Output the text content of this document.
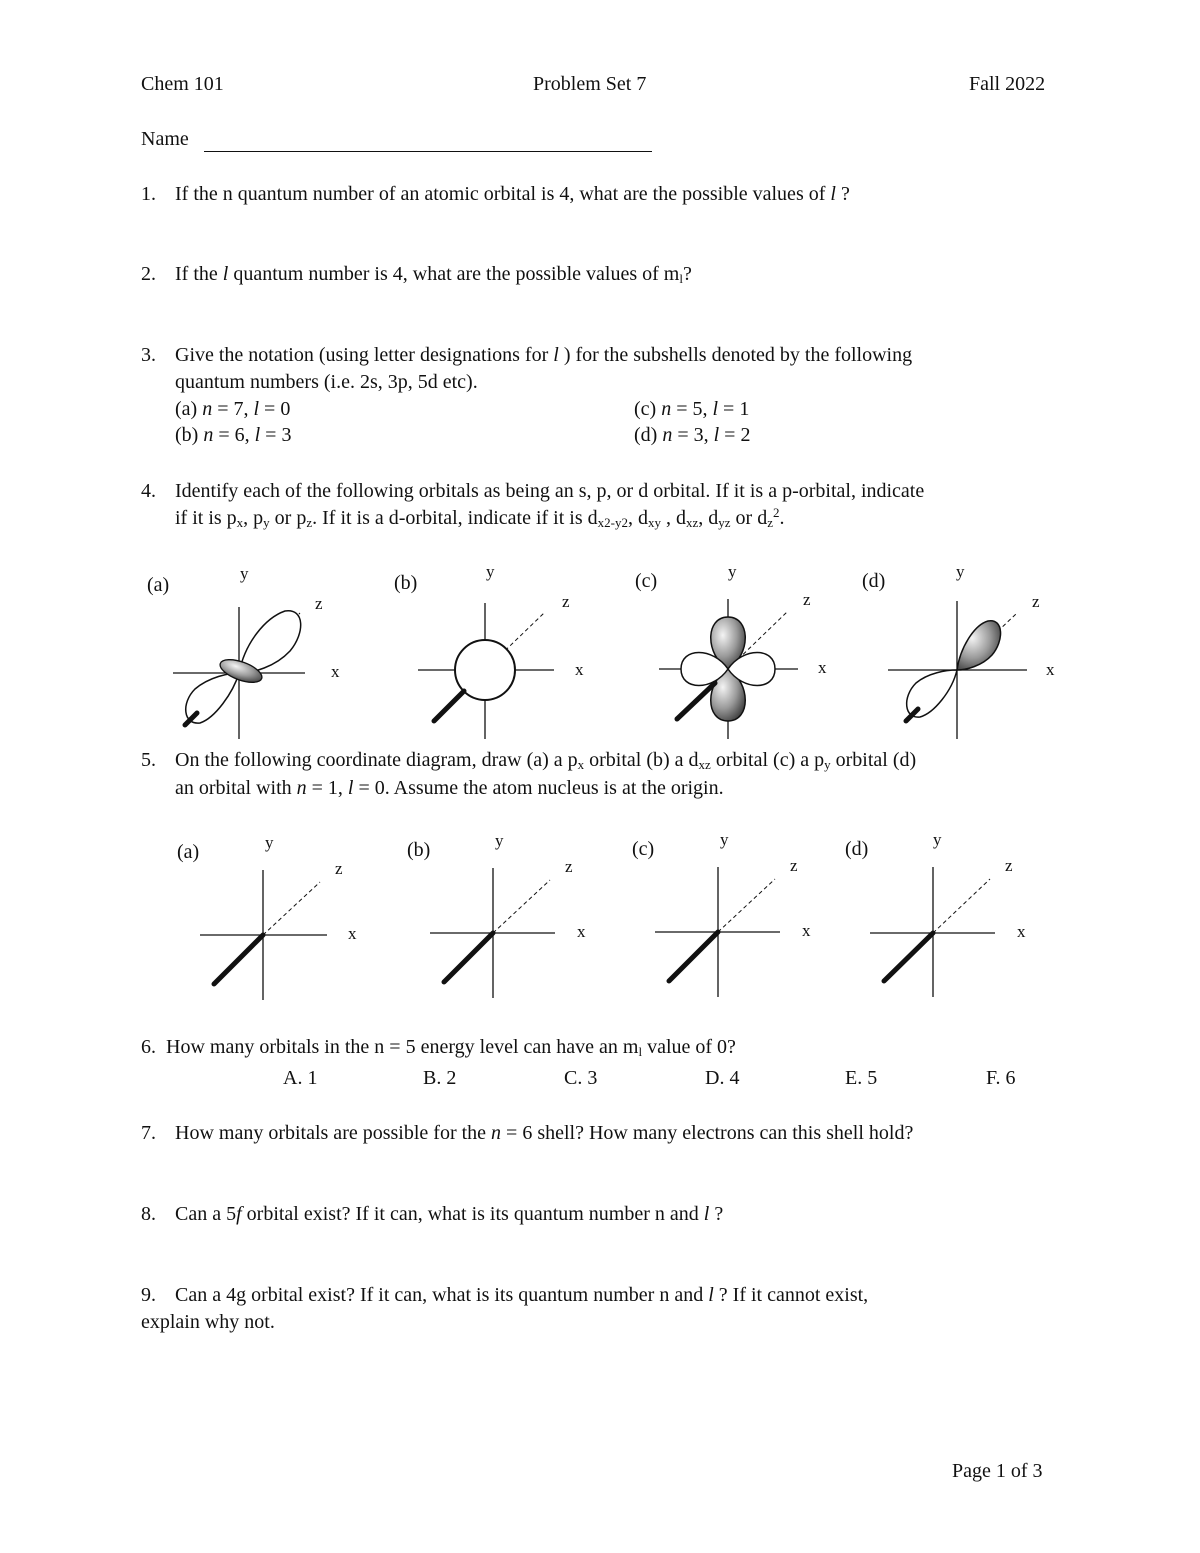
Chem 101	Problem Set 7	Fall 2022
Name
1. If the n quantum number of an atomic orbital is 4, what are the possible values of l ?
2. If the l quantum number is 4, what are the possible values of $m_l$?
3. Give the notation (using letter designations for l ) for the subshells denoted by the following
quantum numbers (i.e. 2s, 3p, 5d etc).
(a) n = 7, l = 0
(b) n = 6, l = 3
(c) n = 5, l = 1
(d) n = 3, l = 2
4. Identify each of the following orbitals as being an s, p, or d orbital. If it is a p-orbital, indicate
if it is $p_x$, $p_y$ or $p_z$. If it is a d-orbital, indicate if it is $d_{x2-y2}$, $d_{xy}$ , $d_{xz}$, $d_{yz}$ or $d_z^2$.
(a)
y
z
x
(b)
y
z
x
(c)	y
z
x
(d)	y
z
x
5. On the following coordinate diagram, draw (a) a $p_x$ orbital (b) a $d_{xz}$ orbital (c) a $p_y$ orbital (d)
an orbital with n = 1, l = 0. Assume the atom nucleus is at the origin.
(a)	y
z
x
(b)	y
z
x
(c)	y
z
x
(d)	y
z
x
6. How many orbitals in the n = 5 energy level can have an $m_l$ value of 0?
A. 1	B. 2	C. 3	D. 4	E. 5	F. 6
7. How many orbitals are possible for the n = 6 shell? How many electrons can this shell hold?
8. Can a 5f orbital exist? If it can, what is its quantum number n and l ?
9. Can a 4g orbital exist? If it can, what is its quantum number n and l ? If it cannot exist,
explain why not.
Page 1 of 3
